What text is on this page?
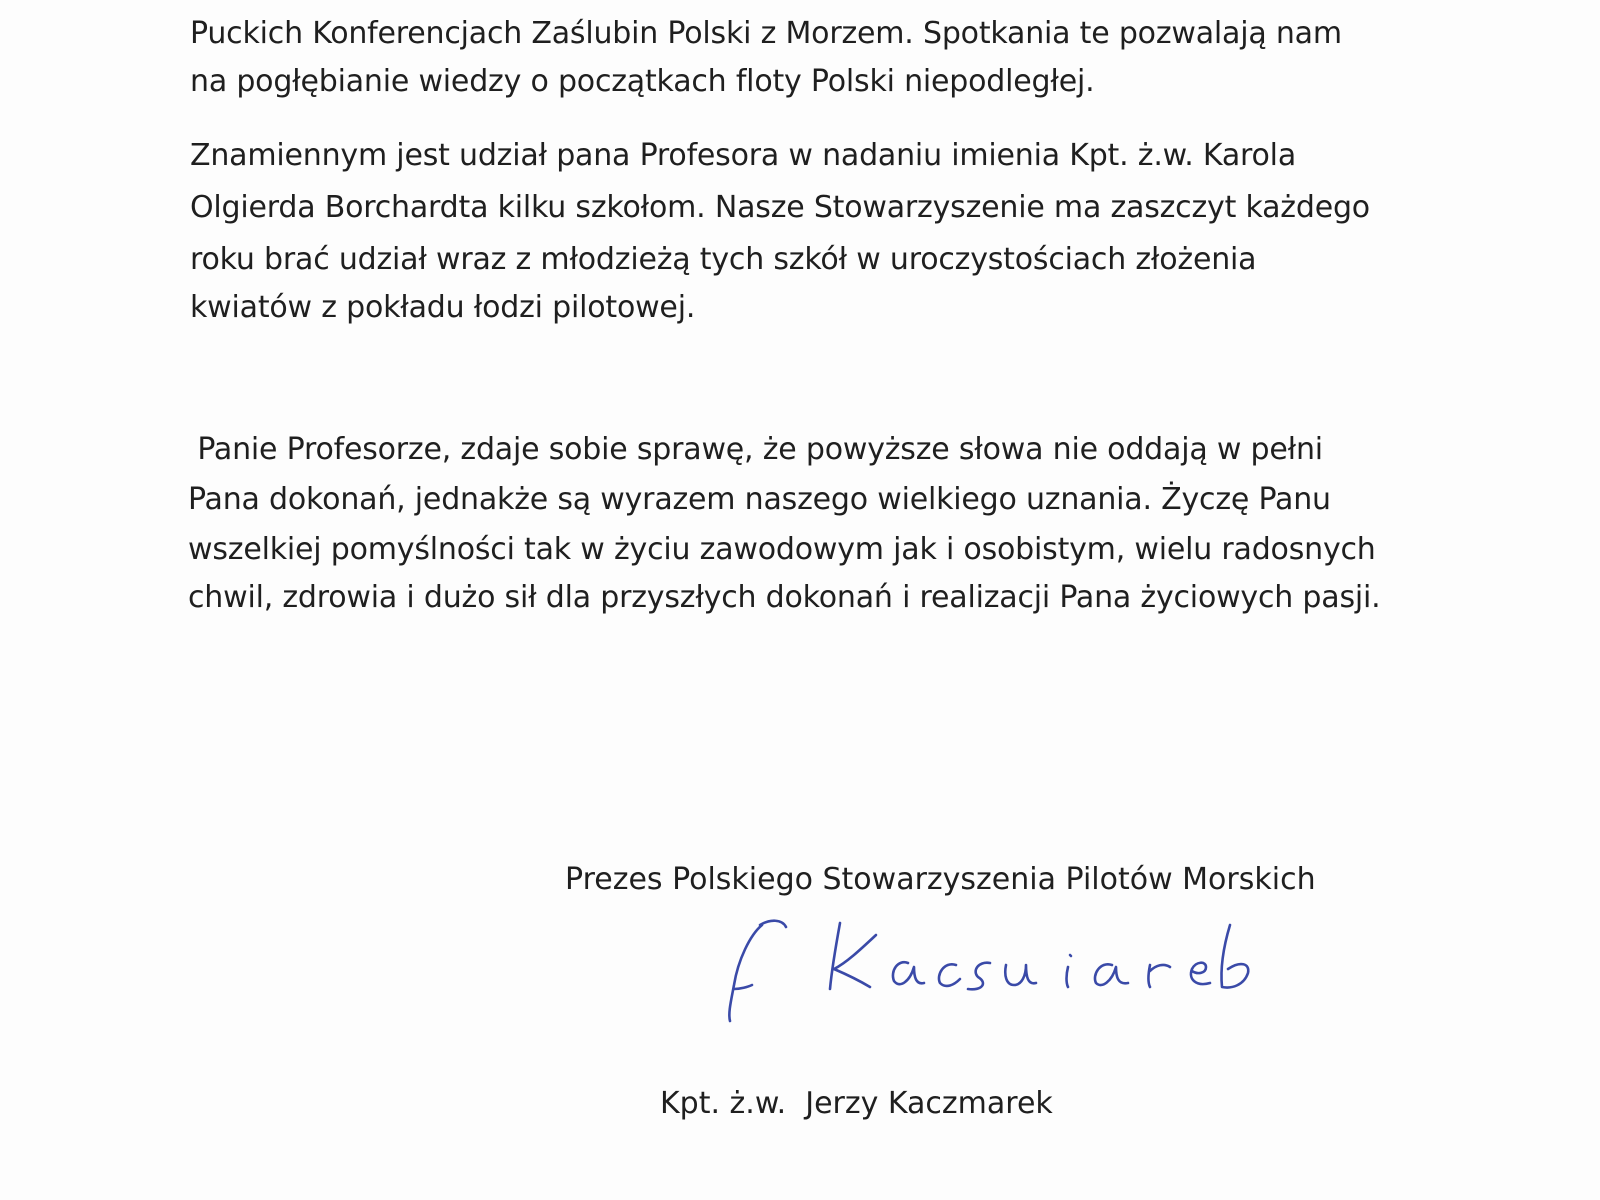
Puckich Konferencjach Zaślubin Polski z Morzem. Spotkania te pozwalają nam
na pogłębianie wiedzy o początkach floty Polski niepodległej.
Znamiennym jest udział pana Profesora w nadaniu imienia Kpt. ż.w. Karola
Olgierda Borchardta kilku szkołom. Nasze Stowarzyszenie ma zaszczyt każdego
roku brać udział wraz z młodzieżą tych szkół w uroczystościach złożenia
kwiatów z pokładu łodzi pilotowej.
Panie Profesorze, zdaje sobie sprawę, że powyższe słowa nie oddają w pełni
Pana dokonań, jednakże są wyrazem naszego wielkiego uznania. Życzę Panu
wszelkiej pomyślności tak w życiu zawodowym jak i osobistym, wielu radosnych
chwil, zdrowia i dużo sił dla przyszłych dokonań i realizacji Pana życiowych pasji.
Prezes Polskiego Stowarzyszenia Pilotów Morskich
Kpt. ż.w.  Jerzy Kaczmarek
